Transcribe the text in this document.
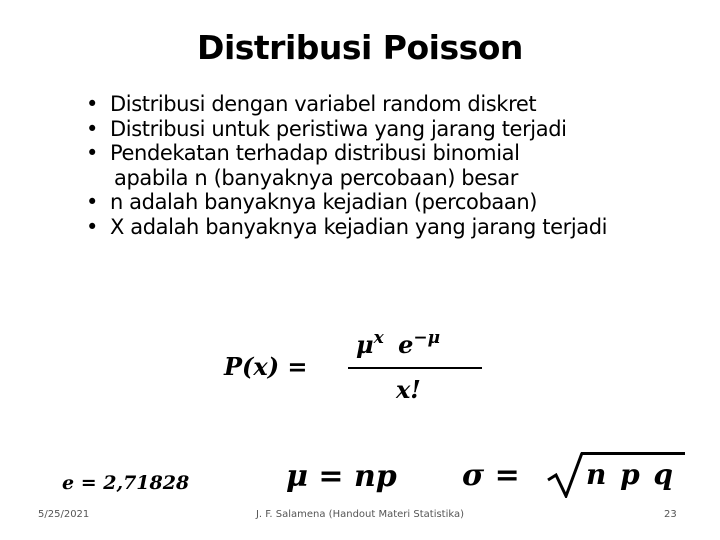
Distribusi Poisson
• Distribusi dengan variabel random diskret
• Distribusi untuk peristiwa yang jarang terjadi
• Pendekatan terhadap distribusi binomial
apabila n (banyaknya percobaan) besar
• n adalah banyaknya kejadian (percobaan)
• X adalah banyaknya kejadian yang jarang terjadi
P(x) =
$\mu^x$ $e^{-\mu}$
x!
e = 2,71828	μ = np σ = n p q
5/25/2021	J. F. Salamena (Handout Materi Statistika)	23
